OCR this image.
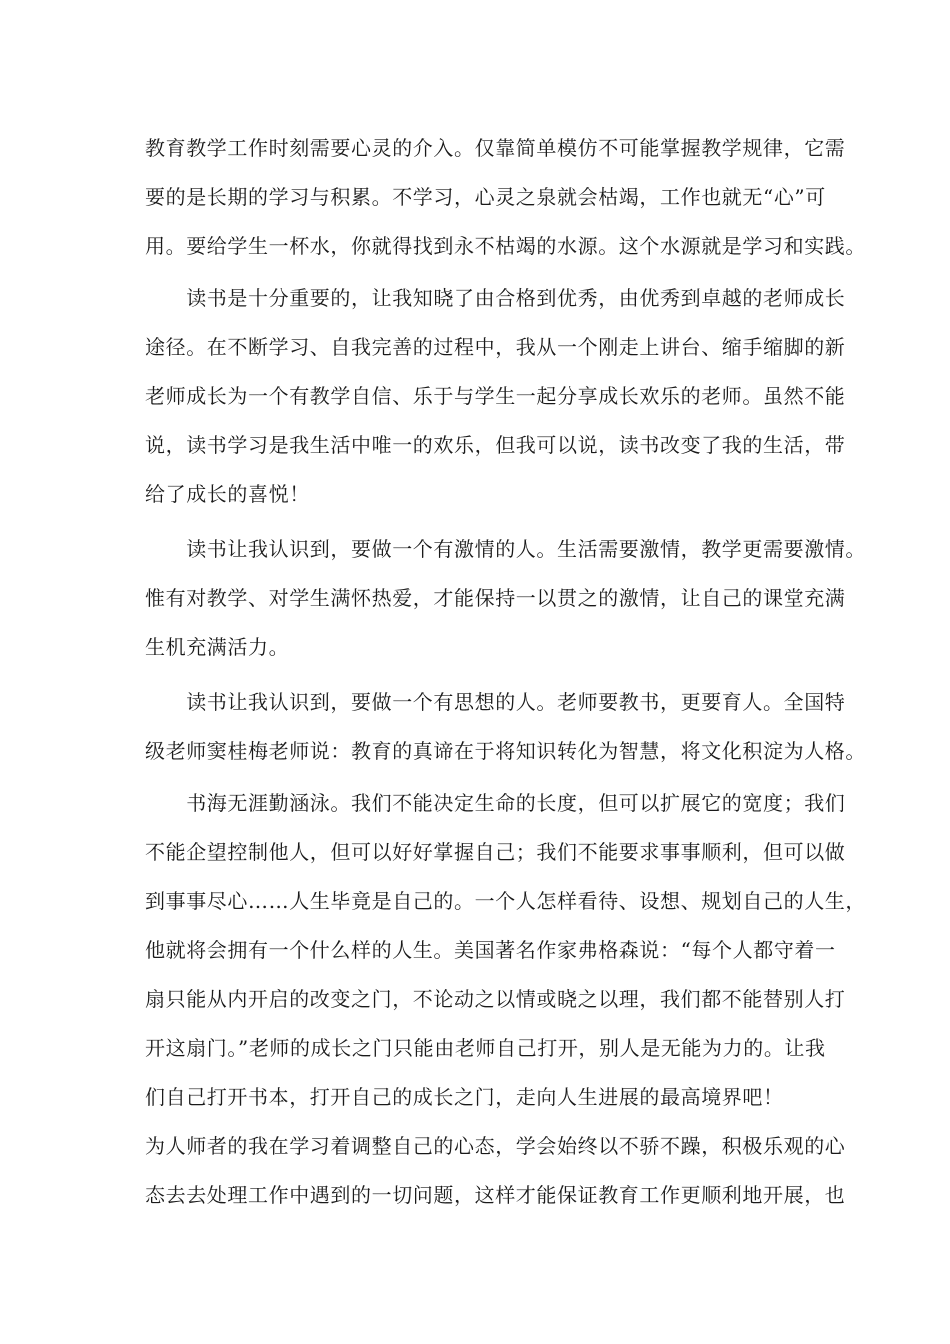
教育教学工作时刻需要心灵的介入。仅靠简单模仿不可能掌握教学规律，它需
要的是长期的学习与积累。不学习，心灵之泉就会枯竭，工作也就无“心”可
用。要给学生一杯水，你就得找到永不枯竭的水源。这个水源就是学习和实践。
　　读书是十分重要的，让我知晓了由合格到优秀，由优秀到卓越的老师成长
途径。在不断学习、自我完善的过程中，我从一个刚走上讲台、缩手缩脚的新
老师成长为一个有教学自信、乐于与学生一起分享成长欢乐的老师。虽然不能
说，读书学习是我生活中唯一的欢乐，但我可以说，读书改变了我的生活，带
给了成长的喜悦！
　　读书让我认识到，要做一个有激情的人。生活需要激情，教学更需要激情。
惟有对教学、对学生满怀热爱，才能保持一以贯之的激情，让自己的课堂充满
生机充满活力。
　　读书让我认识到，要做一个有思想的人。老师要教书，更要育人。全国特
级老师窦桂梅老师说：教育的真谛在于将知识转化为智慧，将文化积淀为人格。
　　书海无涯勤涵泳。我们不能决定生命的长度，但可以扩展它的宽度；我们
不能企望控制他人，但可以好好掌握自己；我们不能要求事事顺利，但可以做
到事事尽心……人生毕竟是自己的。一个人怎样看待、设想、规划自己的人生，
他就将会拥有一个什么样的人生。美国著名作家弗格森说：“每个人都守着一
扇只能从内开启的改变之门，不论动之以情或晓之以理，我们都不能替别人打
开这扇门。”老师的成长之门只能由老师自己打开，别人是无能为力的。让我
们自己打开书本，打开自己的成长之门，走向人生进展的最高境界吧！
为人师者的我在学习着调整自己的心态，学会始终以不骄不躁，积极乐观的心
态去去处理工作中遇到的一切问题，这样才能保证教育工作更顺利地开展，也
